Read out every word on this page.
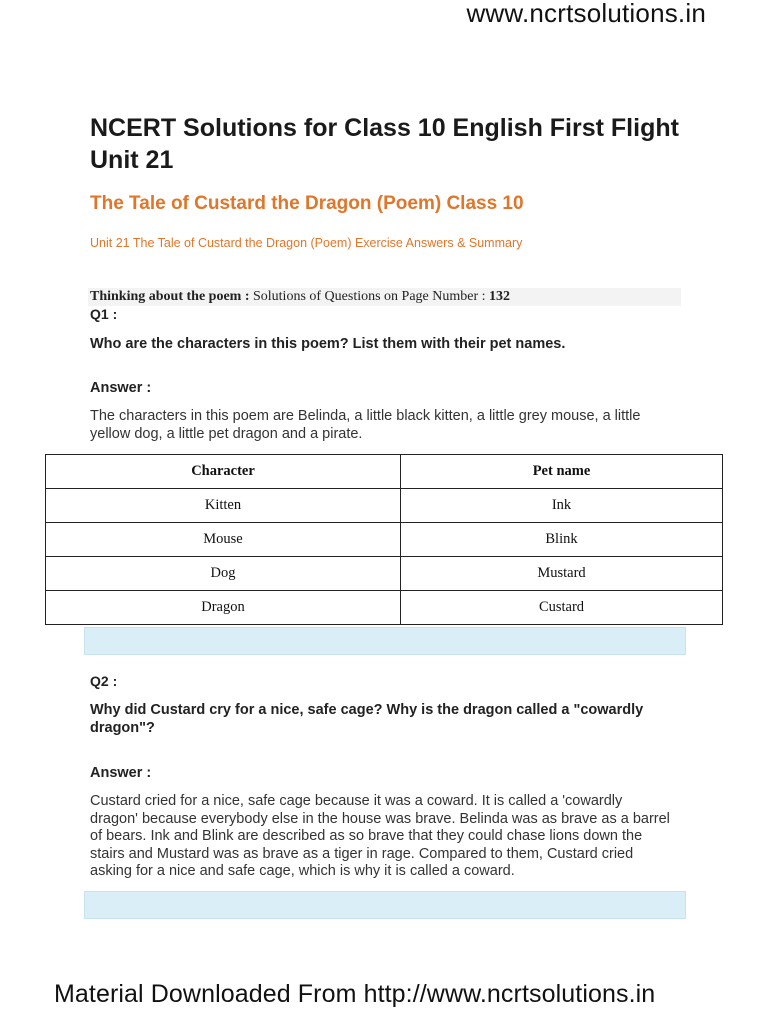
www.ncrtsolutions.in
NCERT Solutions for Class 10 English First Flight Unit 21
The Tale of Custard the Dragon (Poem) Class 10
Unit 21 The Tale of Custard the Dragon (Poem) Exercise Answers & Summary
Thinking about the poem : Solutions of Questions on Page Number : 132
Q1 :
Who are the characters in this poem? List them with their pet names.
Answer :
The characters in this poem are Belinda, a little black kitten, a little grey mouse, a little yellow dog, a little pet dragon and a pirate.
Character	Pet name
Kitten	Ink
Mouse	Blink
Dog	Mustard
Dragon	Custard
Q2 :
Why did Custard cry for a nice, safe cage? Why is the dragon called a "cowardly dragon"?
Answer :
Custard cried for a nice, safe cage because it was a coward. It is called a 'cowardly dragon' because everybody else in the house was brave. Belinda was as brave as a barrel of bears. Ink and Blink are described as so brave that they could chase lions down the stairs and Mustard was as brave as a tiger in rage. Compared to them, Custard cried asking for a nice and safe cage, which is why it is called a coward.
Material Downloaded From http://www.ncrtsolutions.in
